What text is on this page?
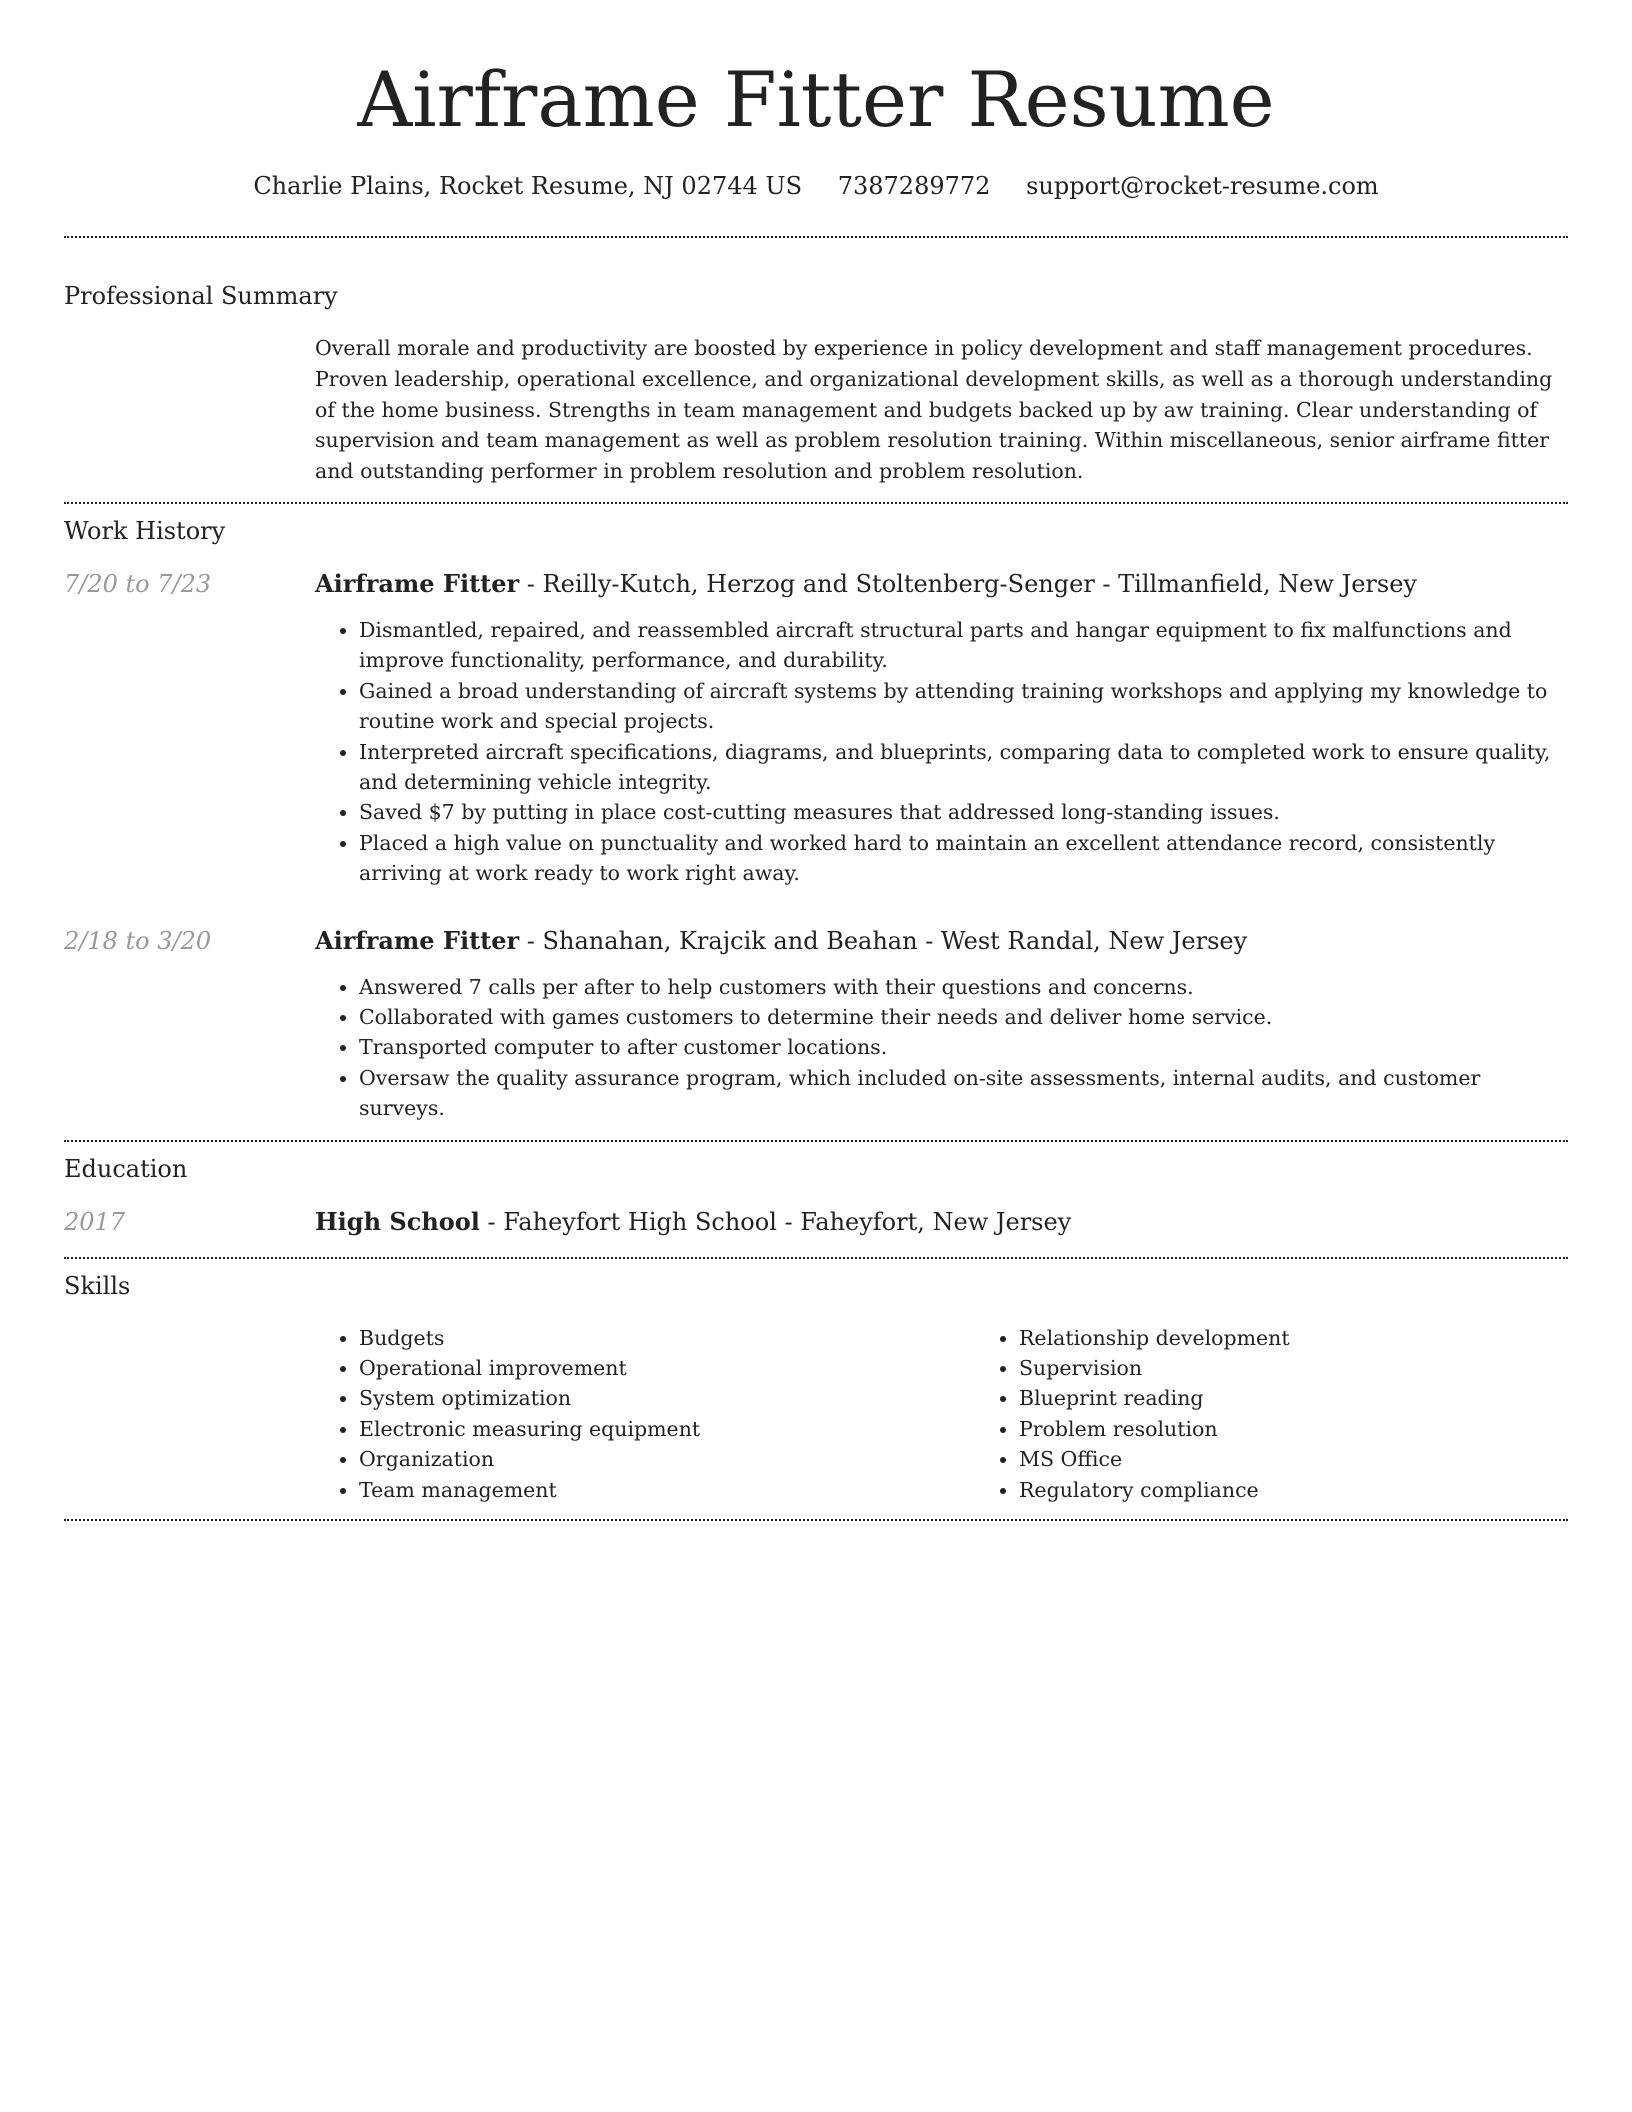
Airframe Fitter Resume
Charlie Plains, Rocket Resume, NJ 02744 US 7387289772 support@rocket-resume.com
Professional Summary

Overall morale and productivity are boosted by experience in policy development and staff management procedures. Proven leadership, operational excellence, and organizational development skills, as well as a thorough understanding of the home business. Strengths in team management and budgets backed up by aw training. Clear understanding of supervision and team management as well as problem resolution training. Within miscellaneous, senior airframe fitter and outstanding performer in problem resolution and problem resolution.

Work History
7/20 to 7/23	Airframe Fitter - Reilly-Kutch, Herzog and Stoltenberg-Senger - Tillmanfield, New Jersey
• Dismantled, repaired, and reassembled aircraft structural parts and hangar equipment to fix malfunctions and improve functionality, performance, and durability.
• Gained a broad understanding of aircraft systems by attending training workshops and applying my knowledge to routine work and special projects.
• Interpreted aircraft specifications, diagrams, and blueprints, comparing data to completed work to ensure quality, and determining vehicle integrity.
• Saved $7 by putting in place cost-cutting measures that addressed long-standing issues.
• Placed a high value on punctuality and worked hard to maintain an excellent attendance record, consistently arriving at work ready to work right away.
2/18 to 3/20	Airframe Fitter - Shanahan, Krajcik and Beahan - West Randal, New Jersey
• Answered 7 calls per after to help customers with their questions and concerns.
• Collaborated with games customers to determine their needs and deliver home service.
• Transported computer to after customer locations.
• Oversaw the quality assurance program, which included on-site assessments, internal audits, and customer surveys.
Education
2017	High School - Faheyfort High School - Faheyfort, New Jersey
Skills
• Budgets
• Operational improvement
• System optimization
• Electronic measuring equipment
• Organization
• Team management
• Relationship development
• Supervision
• Blueprint reading
• Problem resolution
• MS Office
• Regulatory compliance
